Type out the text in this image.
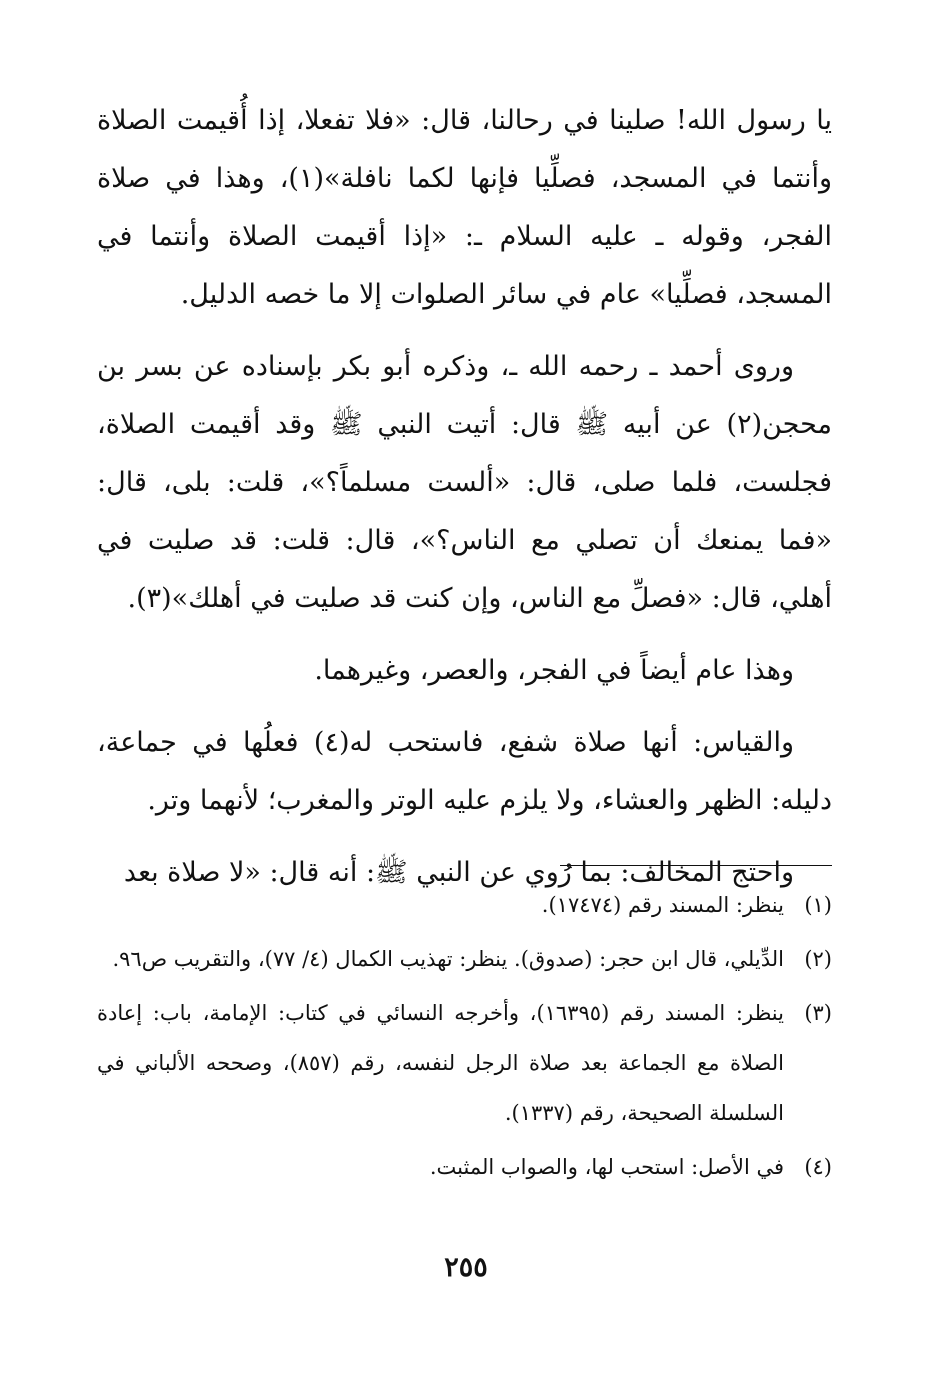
يا رسول الله! صلينا في رحالنا، قال: «فلا تفعلا، إذا أُقيمت الصلاة وأنتما في المسجد، فصلِّيا فإنها لكما نافلة»(١)، وهذا في صلاة الفجر، وقوله ـ عليه السلام ـ: «إذا أقيمت الصلاة وأنتما في المسجد، فصلِّيا» عام في سائر الصلوات إلا ما خصه الدليل.

وروى أحمد ـ رحمه الله ـ، وذكره أبو بكر بإسناده عن بسر بن محجن(٢) عن أبيه ﷺ قال: أتيت النبي ﷺ وقد أقيمت الصلاة، فجلست، فلما صلى، قال: «ألست مسلماً؟»، قلت: بلى، قال: «فما يمنعك أن تصلي مع الناس؟»، قال: قلت: قد صليت في أهلي، قال: «فصلِّ مع الناس، وإن كنت قد صليت في أهلك»(٣).

وهذا عام أيضاً في الفجر، والعصر، وغيرهما.

والقياس: أنها صلاة شفع، فاستحب له(٤) فعلُها في جماعة، دليله: الظهر والعشاء، ولا يلزم عليه الوتر والمغرب؛ لأنهما وتر.

واحتج المخالف: بما رُوي عن النبي ﷺ: أنه قال: «لا صلاة بعد

(١)
ينظر: المسند رقم (١٧٤٧٤).
(٢)
الدِّيلي، قال ابن حجر: (صدوق). ينظر: تهذيب الكمال (٤/ ٧٧)، والتقريب ص٩٦.
(٣)
ينظر: المسند رقم (١٦٣٩٥)، وأخرجه النسائي في كتاب: الإمامة، باب: إعادة الصلاة مع الجماعة بعد صلاة الرجل لنفسه، رقم (٨٥٧)، وصححه الألباني في السلسلة الصحيحة، رقم (١٣٣٧).
(٤)
في الأصل: استحب لها، والصواب المثبت.
٢٥٥
